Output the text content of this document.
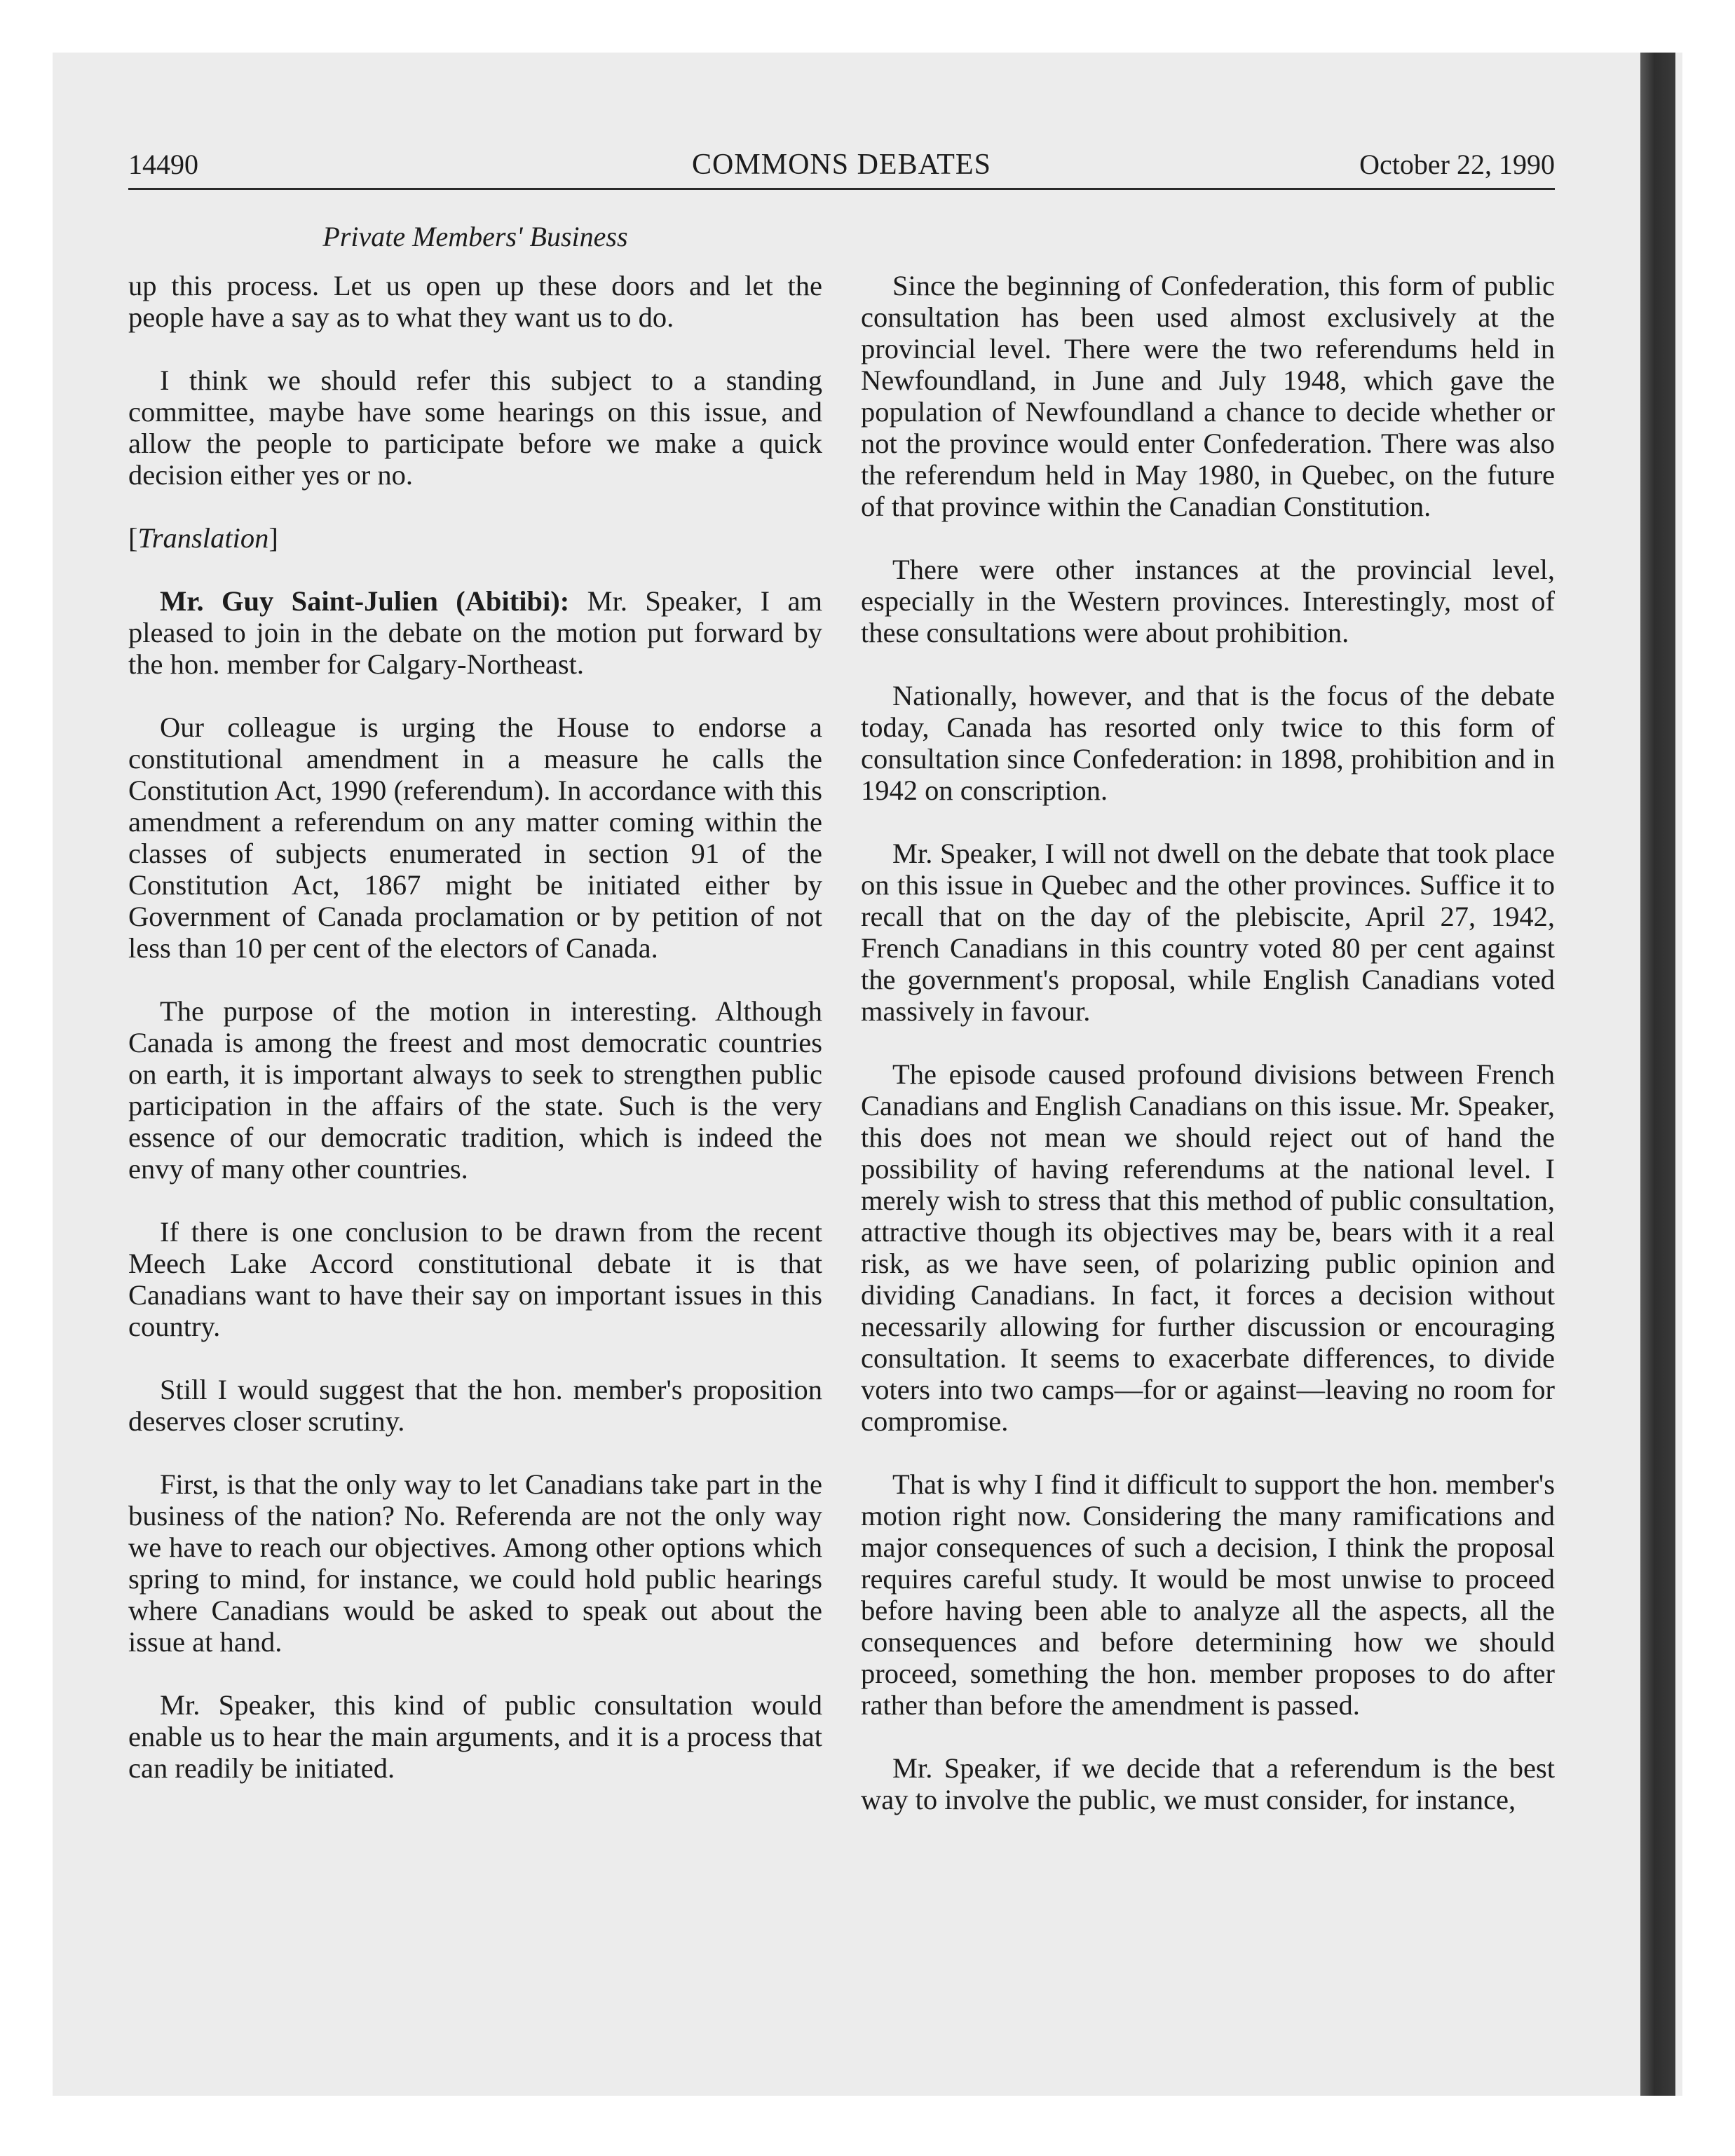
14490	COMMONS DEBATES	October 22, 1990
Private Members' Business

up this process. Let us open up these doors and let the people have a say as to what they want us to do.

I think we should refer this subject to a standing committee, maybe have some hearings on this issue, and allow the people to participate before we make a quick decision either yes or no.

[Translation]

Mr. Guy Saint-Julien (Abitibi): Mr. Speaker, I am pleased to join in the debate on the motion put forward by the hon. member for Calgary-Northeast.

Our colleague is urging the House to endorse a constitutional amendment in a measure he calls the Constitution Act, 1990 (referendum). In accordance with this amendment a referendum on any matter coming within the classes of subjects enumerated in section 91 of the Constitution Act, 1867 might be initiated either by Government of Canada proclamation or by petition of not less than 10 per cent of the electors of Canada.

The purpose of the motion in interesting. Although Canada is among the freest and most democratic countries on earth, it is important always to seek to strengthen public participation in the affairs of the state. Such is the very essence of our democratic tradition, which is indeed the envy of many other countries.

If there is one conclusion to be drawn from the recent Meech Lake Accord constitutional debate it is that Canadians want to have their say on important issues in this country.

Still I would suggest that the hon. member's proposition deserves closer scrutiny.

First, is that the only way to let Canadians take part in the business of the nation? No. Referenda are not the only way we have to reach our objectives. Among other options which spring to mind, for instance, we could hold public hearings where Canadians would be asked to speak out about the issue at hand.

Mr. Speaker, this kind of public consultation would enable us to hear the main arguments, and it is a process that can readily be initiated.

Since the beginning of Confederation, this form of public consultation has been used almost exclusively at the provincial level. There were the two referendums held in Newfoundland, in June and July 1948, which gave the population of Newfoundland a chance to decide whether or not the province would enter Confederation. There was also the referendum held in May 1980, in Quebec, on the future of that province within the Canadian Constitution.

There were other instances at the provincial level, especially in the Western provinces. Interestingly, most of these consultations were about prohibition.

Nationally, however, and that is the focus of the debate today, Canada has resorted only twice to this form of consultation since Confederation: in 1898, prohibition and in 1942 on conscription.

Mr. Speaker, I will not dwell on the debate that took place on this issue in Quebec and the other provinces. Suffice it to recall that on the day of the plebiscite, April 27, 1942, French Canadians in this country voted 80 per cent against the government's proposal, while English Canadians voted massively in favour.

The episode caused profound divisions between French Canadians and English Canadians on this issue. Mr. Speaker, this does not mean we should reject out of hand the possibility of having referendums at the national level. I merely wish to stress that this method of public consultation, attractive though its objectives may be, bears with it a real risk, as we have seen, of polarizing public opinion and dividing Canadians. In fact, it forces a decision without necessarily allowing for further discussion or encouraging consultation. It seems to exacerbate differences, to divide voters into two camps—for or against—leaving no room for compromise.

That is why I find it difficult to support the hon. member's motion right now. Considering the many ramifications and major consequences of such a decision, I think the proposal requires careful study. It would be most unwise to proceed before having been able to analyze all the aspects, all the consequences and before determining how we should proceed, something the hon. member proposes to do after rather than before the amendment is passed.

Mr. Speaker, if we decide that a referendum is the best way to involve the public, we must consider, for instance,
